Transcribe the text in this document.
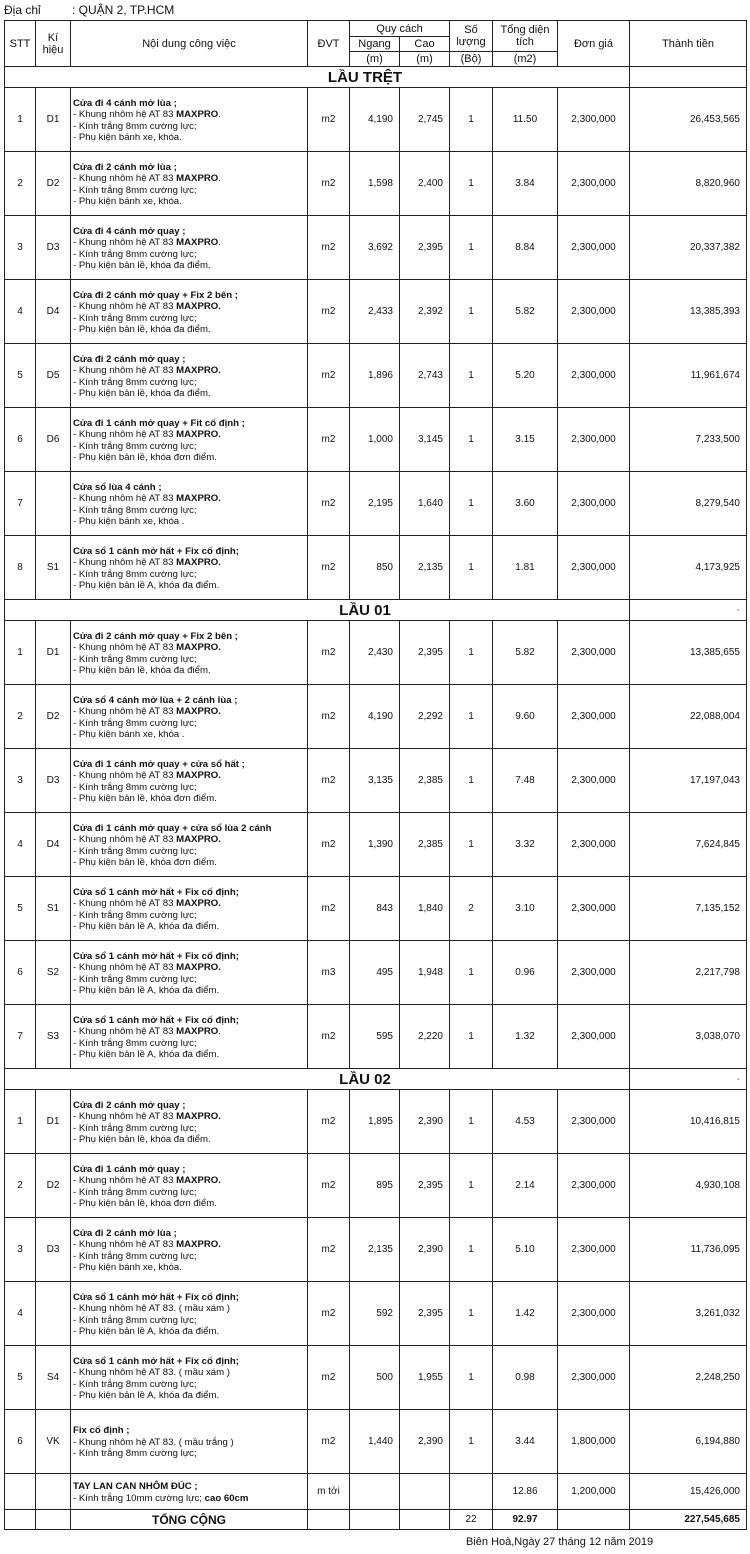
Địa chỉ	: QUẬN 2, TP.HCM
STT	Kí hiệu	Nội dung công việc	ĐVT	Quy cách		Số lượng	Tổng diện tích	Đơn giá	Thành tiền
				Ngang	Cao				
				(m)	(m)	(Bộ)	(m2)		
LẦU TRỆT									
1	D1	Cửa đi 4 cánh mở lùa ;
- Khung nhôm hệ AT 83 MAXPRO.
- Kính trắng 8mm cường lực;
- Phụ kiện bánh xe, khóa.	m2	4,190	2,745	1	11.50	2,300,000	26,453,565
2	D2	Cửa đi 2 cánh mở lùa ;
- Khung nhôm hệ AT 83 MAXPRO.
- Kính trắng 8mm cường lực;
- Phụ kiện bánh xe, khóa.	m2	1,598	2,400	1	3.84	2,300,000	8,820,960
3	D3	Cửa đi 4 cánh mở quay ;
- Khung nhôm hệ AT 83 MAXPRO.
- Kính trắng 8mm cường lực;
- Phụ kiện bản lề, khóa đa điểm.	m2	3,692	2,395	1	8.84	2,300,000	20,337,382
4	D4	Cửa đi 2 cánh mở quay + Fix 2 bên ;
- Khung nhôm hệ AT 83 MAXPRO.
- Kính trắng 8mm cường lực;
- Phụ kiện bản lề, khóa đa điểm.	m2	2,433	2,392	1	5.82	2,300,000	13,385,393
5	D5	Cửa đi 2 cánh mở quay ;
- Khung nhôm hệ AT 83 MAXPRO.
- Kính trắng 8mm cường lực;
- Phụ kiện bản lề, khóa đa điểm.	m2	1,896	2,743	1	5.20	2,300,000	11,961,674
6	D6	Cửa đi 1 cánh mở quay + Fit cố định ;
- Khung nhôm hệ AT 83 MAXPRO.
- Kính trắng 8mm cường lực;
- Phụ kiện bản lề, khóa đơn điểm.	m2	1,000	3,145	1	3.15	2,300,000	7,233,500
7		Cửa sổ lùa 4 cánh ;
- Khung nhôm hệ AT 83 MAXPRO.
- Kính trắng 8mm cường lực;
- Phụ kiện bánh xe, khóa .	m2	2,195	1,640	1	3.60	2,300,000	8,279,540
8	S1	Cửa sổ 1 cánh mở hất + Fix cố định;
- Khung nhôm hệ AT 83 MAXPRO.
- Kính trắng 8mm cường lực;
- Phụ kiện bản lề A, khóa đa điểm.	m2	850	2,135	1	1.81	2,300,000	4,173,925
LẦU 01									-
1	D1	Cửa đi 2 cánh mở quay + Fix 2 bên ;
- Khung nhôm hệ AT 83 MAXPRO.
- Kính trắng 8mm cường lực;
- Phụ kiện bản lề, khóa đa điểm.	m2	2,430	2,395	1	5.82	2,300,000	13,385,655
2	D2	Cửa sổ 4 cánh mở lùa + 2 cánh lùa ;
- Khung nhôm hệ AT 83 MAXPRO.
- Kính trắng 8mm cường lực;
- Phụ kiện bánh xe, khóa .	m2	4,190	2,292	1	9.60	2,300,000	22,088,004
3	D3	Cửa đi 1 cánh mở quay + cửa sổ hất ;
- Khung nhôm hệ AT 83 MAXPRO.
- Kính trắng 8mm cường lực;
- Phụ kiện bản lề, khóa đơn điểm.	m2	3,135	2,385	1	7.48	2,300,000	17,197,043
4	D4	Cửa đi 1 cánh mở quay + cửa sổ lùa 2 cánh
- Khung nhôm hệ AT 83 MAXPRO.
- Kính trắng 8mm cường lực;
- Phụ kiện bản lề, khóa đơn điểm.	m2	1,390	2,385	1	3.32	2,300,000	7,624,845
5	S1	Cửa sổ 1 cánh mở hất + Fix cố định;
- Khung nhôm hệ AT 83 MAXPRO.
- Kính trắng 8mm cường lực;
- Phụ kiện bản lề A, khóa đa điểm.	m2	843	1,840	2	3.10	2,300,000	7,135,152
6	S2	Cửa sổ 1 cánh mở hất + Fix cố định;
- Khung nhôm hệ AT 83 MAXPRO.
- Kính trắng 8mm cường lực;
- Phụ kiện bản lề A, khóa đa điểm.	m3	495	1,948	1	0.96	2,300,000	2,217,798
7	S3	Cửa sổ 1 cánh mở hất + Fix cố định;
- Khung nhôm hệ AT 83 MAXPRO.
- Kính trắng 8mm cường lực;
- Phụ kiện bản lề A, khóa đa điểm.	m2	595	2,220	1	1.32	2,300,000	3,038,070
LẦU 02									-
1	D1	Cửa đi 2 cánh mở quay ;
- Khung nhôm hệ AT 83 MAXPRO.
- Kính trắng 8mm cường lực;
- Phụ kiện bản lề, khóa đa điểm.	m2	1,895	2,390	1	4.53	2,300,000	10,416,815
2	D2	Cửa đi 1 cánh mở quay ;
- Khung nhôm hệ AT 83 MAXPRO.
- Kính trắng 8mm cường lực;
- Phụ kiện bản lề, khóa đơn điểm.	m2	895	2,395	1	2.14	2,300,000	4,930,108
3	D3	Cửa đi 2 cánh mở lùa ;
- Khung nhôm hệ AT 83 MAXPRO.
- Kính trắng 8mm cường lực;
- Phụ kiện bánh xe, khóa.	m2	2,135	2,390	1	5.10	2,300,000	11,736,095
4		Cửa sổ 1 cánh mở hất + Fix cố định;
- Khung nhôm hệ AT 83. ( mầu xám )
- Kính trắng 8mm cường lực;
- Phụ kiện bản lề A, khóa đa điểm.	m2	592	2,395	1	1.42	2,300,000	3,261,032
5	S4	Cửa sổ 1 cánh mở hất + Fix cố định;
- Khung nhôm hệ AT 83. ( mầu xám )
- Kính trắng 8mm cường lực;
- Phụ kiện bản lề A, khóa đa điểm.	m2	500	1,955	1	0.98	2,300,000	2,248,250
6	VK	Fix cố định ;
- Khung nhôm hệ AT 83. ( mầu trắng )
- Kính trắng 8mm cường lực;	m2	1,440	2,390	1	3.44	1,800,000	6,194,880

		TAY LAN CAN NHÔM ĐÚC ;
- Kính trắng 10mm cường lực; cao 60cm	m tới				12.86	1,200,000	15,426,000
		TỔNG CỘNG				22	92.97		227,545,685
Biên Hoà,Ngày 27 tháng 12 năm 2019
